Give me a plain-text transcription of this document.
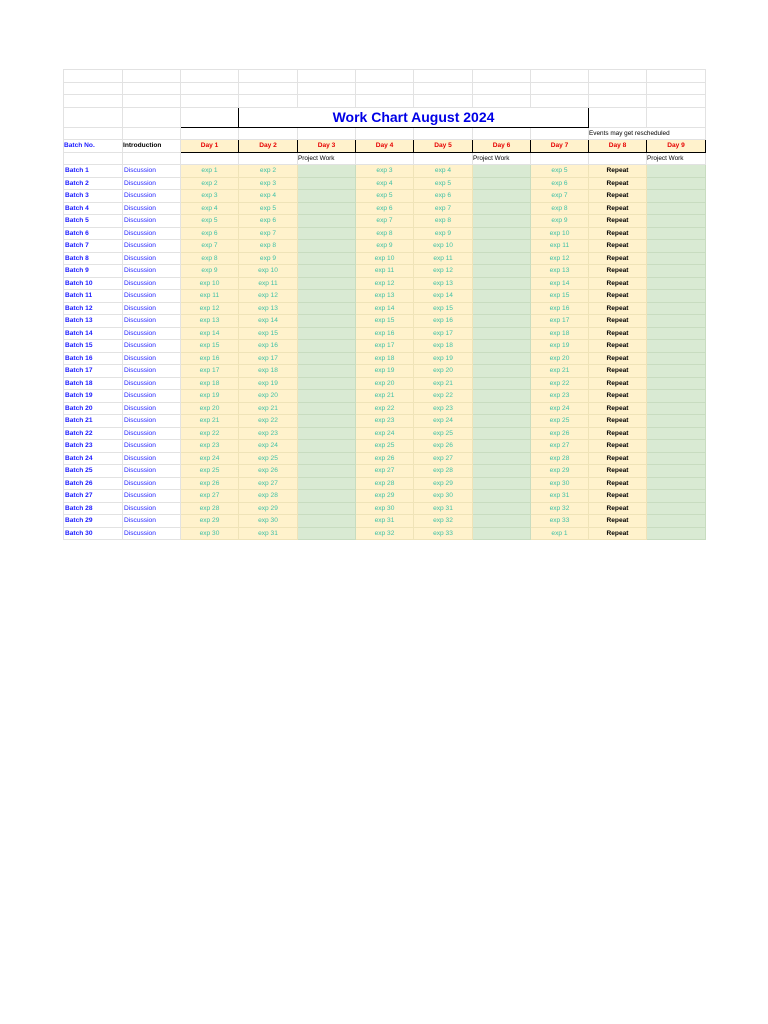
			Work Chart August 2024							
									Events may get rescheduled	
Batch No.	Introduction	Day 1	Day 2	Day 3	Day 4	Day 5	Day 6	Day 7	Day 8	Day 9
				Project Work			Project Work			Project Work
Batch 1	Discussion	exp 1	exp 2		exp 3	exp 4		exp 5	Repeat	
Batch 2	Discussion	exp 2	exp 3		exp 4	exp 5		exp 6	Repeat	
Batch 3	Discussion	exp 3	exp 4		exp 5	exp 6		exp 7	Repeat	
Batch 4	Discussion	exp 4	exp 5		exp 6	exp 7		exp 8	Repeat	
Batch 5	Discussion	exp 5	exp 6		exp 7	exp 8		exp 9	Repeat	
Batch 6	Discussion	exp 6	exp 7		exp 8	exp 9		exp 10	Repeat	
Batch 7	Discussion	exp 7	exp 8		exp 9	exp 10		exp 11	Repeat	
Batch 8	Discussion	exp 8	exp 9		exp 10	exp 11		exp 12	Repeat	
Batch 9	Discussion	exp 9	exp 10		exp 11	exp 12		exp 13	Repeat	
Batch 10	Discussion	exp 10	exp 11		exp 12	exp 13		exp 14	Repeat	
Batch 11	Discussion	exp 11	exp 12		exp 13	exp 14		exp 15	Repeat	
Batch 12	Discussion	exp 12	exp 13		exp 14	exp 15		exp 16	Repeat	
Batch 13	Discussion	exp 13	exp 14		exp 15	exp 16		exp 17	Repeat	
Batch 14	Discussion	exp 14	exp 15		exp 16	exp 17		exp 18	Repeat	
Batch 15	Discussion	exp 15	exp 16		exp 17	exp 18		exp 19	Repeat	
Batch 16	Discussion	exp 16	exp 17		exp 18	exp 19		exp 20	Repeat	
Batch 17	Discussion	exp 17	exp 18		exp 19	exp 20		exp 21	Repeat	
Batch 18	Discussion	exp 18	exp 19		exp 20	exp 21		exp 22	Repeat	
Batch 19	Discussion	exp 19	exp 20		exp 21	exp 22		exp 23	Repeat	
Batch 20	Discussion	exp 20	exp 21		exp 22	exp 23		exp 24	Repeat	
Batch 21	Discussion	exp 21	exp 22		exp 23	exp 24		exp 25	Repeat	
Batch 22	Discussion	exp 22	exp 23		exp 24	exp 25		exp 26	Repeat	
Batch 23	Discussion	exp 23	exp 24		exp 25	exp 26		exp 27	Repeat	
Batch 24	Discussion	exp 24	exp 25		exp 26	exp 27		exp 28	Repeat	
Batch 25	Discussion	exp 25	exp 26		exp 27	exp 28		exp 29	Repeat	
Batch 26	Discussion	exp 26	exp 27		exp 28	exp 29		exp 30	Repeat	
Batch 27	Discussion	exp 27	exp 28		exp 29	exp 30		exp 31	Repeat	
Batch 28	Discussion	exp 28	exp 29		exp 30	exp 31		exp 32	Repeat	
Batch 29	Discussion	exp 29	exp 30		exp 31	exp 32		exp 33	Repeat	
Batch 30	Discussion	exp 30	exp 31		exp 32	exp 33		exp 1	Repeat	
